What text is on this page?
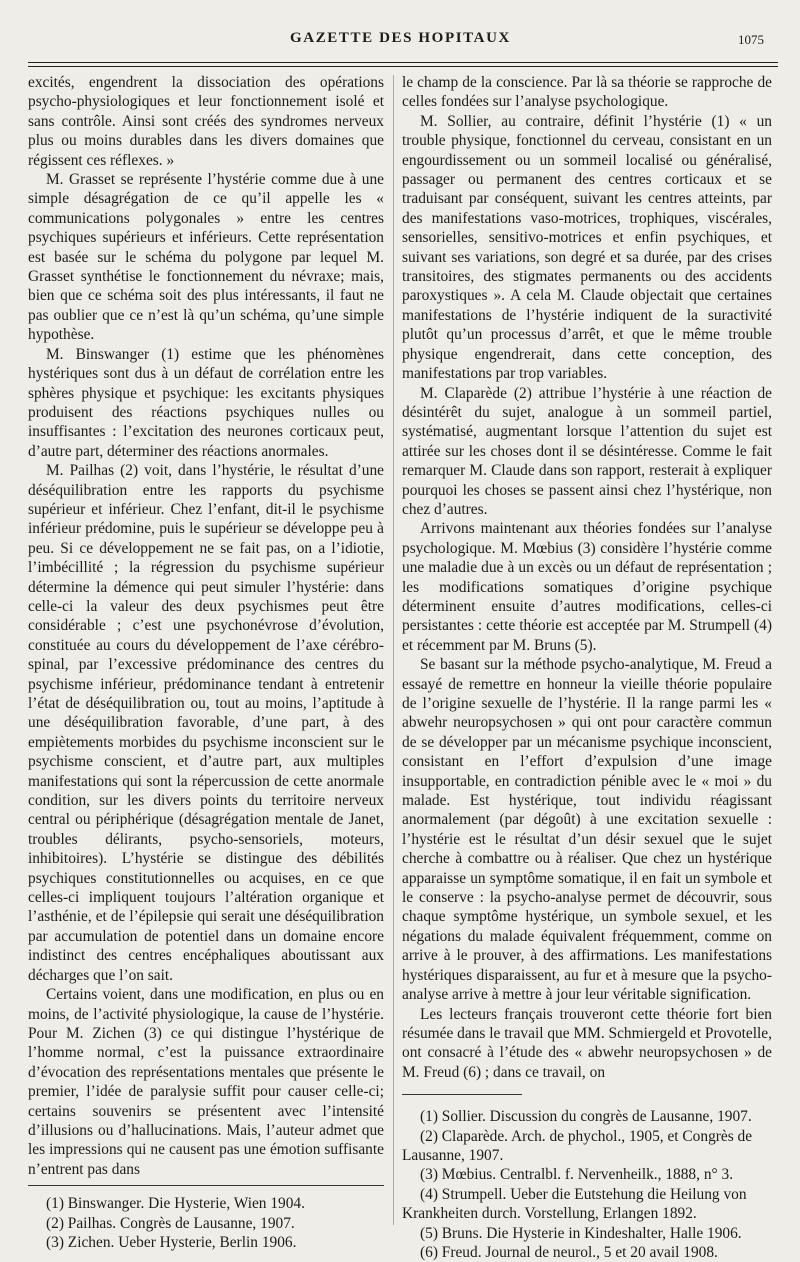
GAZETTE DES HOPITAUX	1075

excités, engendrent la dissociation des opérations psycho-physiologiques et leur fonctionnement isolé et sans contrôle. Ainsi sont créés des syndromes nerveux plus ou moins durables dans les divers domaines que régissent ces réflexes. »

M. Grasset se représente l’hystérie comme due à une simple désagrégation de ce qu’il appelle les « communications polygonales » entre les centres psychiques supérieurs et inférieurs. Cette représentation est basée sur le schéma du polygone par lequel M. Grasset synthétise le fonctionnement du névraxe; mais, bien que ce schéma soit des plus intéressants, il faut ne pas oublier que ce n’est là qu’un schéma, qu’une simple hypothèse.

M. Binswanger (1) estime que les phénomènes hystériques sont dus à un défaut de corrélation entre les sphères physique et psychique: les excitants physiques produisent des réactions psychiques nulles ou insuffisantes : l’excitation des neurones corticaux peut, d’autre part, déterminer des réactions anormales.

M. Pailhas (2) voit, dans l’hystérie, le résultat d’une déséquilibration entre les rapports du psychisme supérieur et inférieur. Chez l’enfant, dit-il le psychisme inférieur prédomine, puis le supérieur se développe peu à peu. Si ce développement ne se fait pas, on a l’idiotie, l’imbécillité ; la régression du psychisme supérieur détermine la démence qui peut simuler l’hystérie: dans celle-ci la valeur des deux psychismes peut être considérable ; c’est une psychonévrose d’évolution, constituée au cours du développement de l’axe cérébro-spinal, par l’excessive prédominance des centres du psychisme inférieur, prédominance tendant à entretenir l’état de déséquilibration ou, tout au moins, l’aptitude à une déséquilibration favorable, d’une part, à des empiètements morbides du psychisme inconscient sur le psychisme conscient, et d’autre part, aux multiples manifestations qui sont la répercussion de cette anormale condition, sur les divers points du territoire nerveux central ou périphérique (désagrégation mentale de Janet, troubles délirants, psycho-sensoriels, moteurs, inhibitoires). L’hystérie se distingue des débilités psychiques constitutionnelles ou acquises, en ce que celles-ci impliquent toujours l’altération organique et l’asthénie, et de l’épilepsie qui serait une déséquilibration par accumulation de potentiel dans un domaine encore indistinct des centres encéphaliques aboutissant aux décharges que l’on sait.

Certains voient, dans une modification, en plus ou en moins, de l’activité physiologique, la cause de l’hystérie. Pour M. Zichen (3) ce qui distingue l’hystérique de l’homme normal, c’est la puissance extraordinaire d’évocation des représentations mentales que présente le premier, l’idée de paralysie suffit pour causer celle-ci; certains souvenirs se présentent avec l’intensité d’illusions ou d’hallucinations. Mais, l’auteur admet que les impressions qui ne causent pas une émotion suffisante n’entrent pas dans

(1) Binswanger. Die Hysterie, Wien 1904.

(2) Pailhas. Congrès de Lausanne, 1907.

(3) Zichen. Ueber Hysterie, Berlin 1906.

le champ de la conscience. Par là sa théorie se rapproche de celles fondées sur l’analyse psychologique.

M. Sollier, au contraire, définit l’hystérie (1) « un trouble physique, fonctionnel du cerveau, consistant en un engourdissement ou un sommeil localisé ou généralisé, passager ou permanent des centres corticaux et se traduisant par conséquent, suivant les centres atteints, par des manifestations vaso-motrices, trophiques, viscérales, sensorielles, sensitivo-motrices et enfin psychiques, et suivant ses variations, son degré et sa durée, par des crises transitoires, des stigmates permanents ou des accidents paroxystiques ». A cela M. Claude objectait que certaines manifestations de l’hystérie indiquent de la suractivité plutôt qu’un processus d’arrêt, et que le même trouble physique engendrerait, dans cette conception, des manifestations par trop variables.

M. Claparède (2) attribue l’hystérie à une réaction de désintérêt du sujet, analogue à un sommeil partiel, systématisé, augmentant lorsque l’attention du sujet est attirée sur les choses dont il se désintéresse. Comme le fait remarquer M. Claude dans son rapport, resterait à expliquer pourquoi les choses se passent ainsi chez l’hystérique, non chez d’autres.

Arrivons maintenant aux théories fondées sur l’analyse psychologique. M. Mœbius (3) considère l’hystérie comme une maladie due à un excès ou un défaut de représentation ; les modifications somatiques d’origine psychique déterminent ensuite d’autres modifications, celles-ci persistantes : cette théorie est acceptée par M. Strumpell (4) et récemment par M. Bruns (5).

Se basant sur la méthode psycho-analytique, M. Freud a essayé de remettre en honneur la vieille théorie populaire de l’origine sexuelle de l’hystérie. Il la range parmi les « abwehr neuropsychosen » qui ont pour caractère commun de se développer par un mécanisme psychique inconscient, consistant en l’effort d’expulsion d’une image insupportable, en contradiction pénible avec le « moi » du malade. Est hystérique, tout individu réagissant anormalement (par dégoût) à une excitation sexuelle : l’hystérie est le résultat d’un désir sexuel que le sujet cherche à combattre ou à réaliser. Que chez un hystérique apparaisse un symptôme somatique, il en fait un symbole et le conserve : la psycho-analyse permet de découvrir, sous chaque symptôme hystérique, un symbole sexuel, et les négations du malade équivalent fréquemment, comme on arrive à le prouver, à des affirmations. Les manifestations hystériques disparaissent, au fur et à mesure que la psycho-analyse arrive à mettre à jour leur véritable signification.

Les lecteurs français trouveront cette théorie fort bien résumée dans le travail que MM. Schmiergeld et Provotelle, ont consacré à l’étude des « abwehr neuropsychosen » de M. Freud (6) ; dans ce travail, on

(1) Sollier. Discussion du congrès de Lausanne, 1907.

(2) Claparède. Arch. de phychol., 1905, et Congrès de Lausanne, 1907.

(3) Mœbius. Centralbl. f. Nervenheilk., 1888, n° 3.

(4) Strumpell. Ueber die Eutstehung die Heilung von Krankheiten durch. Vorstellung, Erlangen 1892.

(5) Bruns. Die Hysterie in Kindeshalter, Halle 1906.

(6) Freud. Journal de neurol., 5 et 20 avail 1908.
